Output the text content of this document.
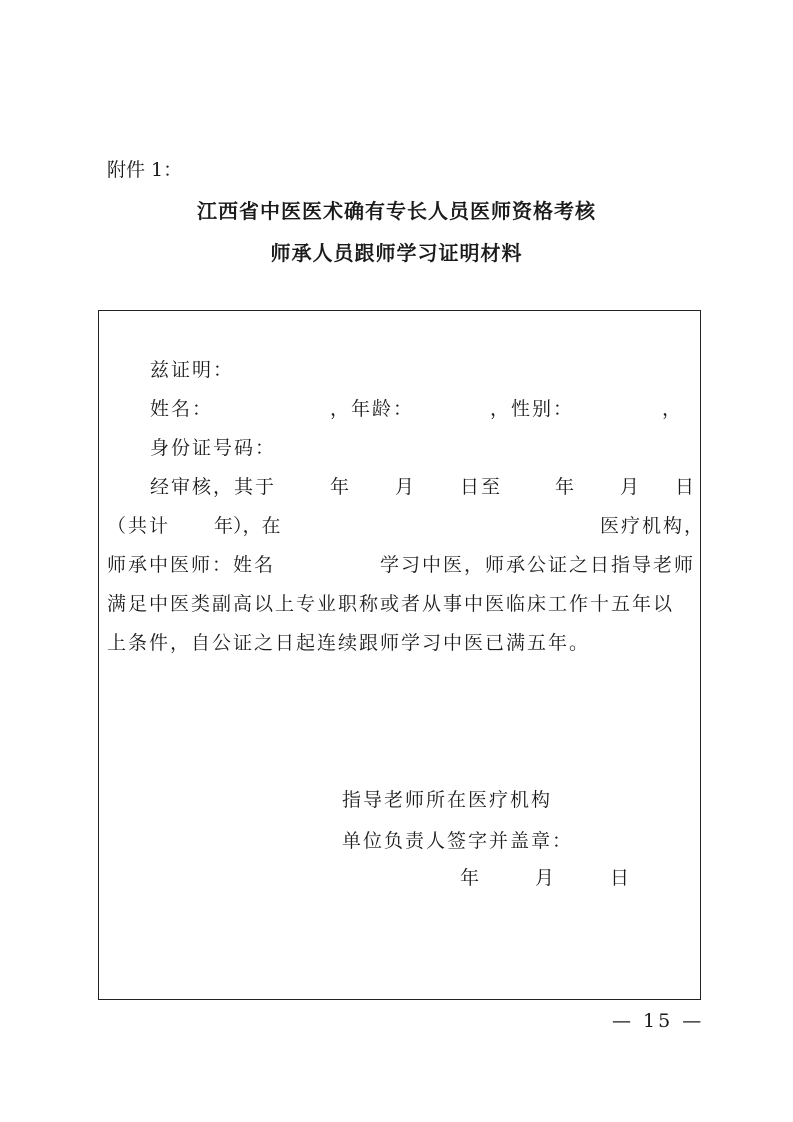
附件 1：
江西省中医医术确有专长人员医师资格考核
师承人员跟师学习证明材料
兹证明：
姓名：	，年龄：	，性别：	，
身份证号码：
经审核，其于	年 月 日至	年 月 日
（共计 年），在	医疗机构，
师承中医师：姓名	学习中医，师承公证之日指导老师
满足中医类副高以上专业职称或者从事中医临床工作十五年以
上条件，自公证之日起连续跟师学习中医已满五年。
指导老师所在医疗机构
单位负责人签字并盖章：
年	月	日
— 15 —
